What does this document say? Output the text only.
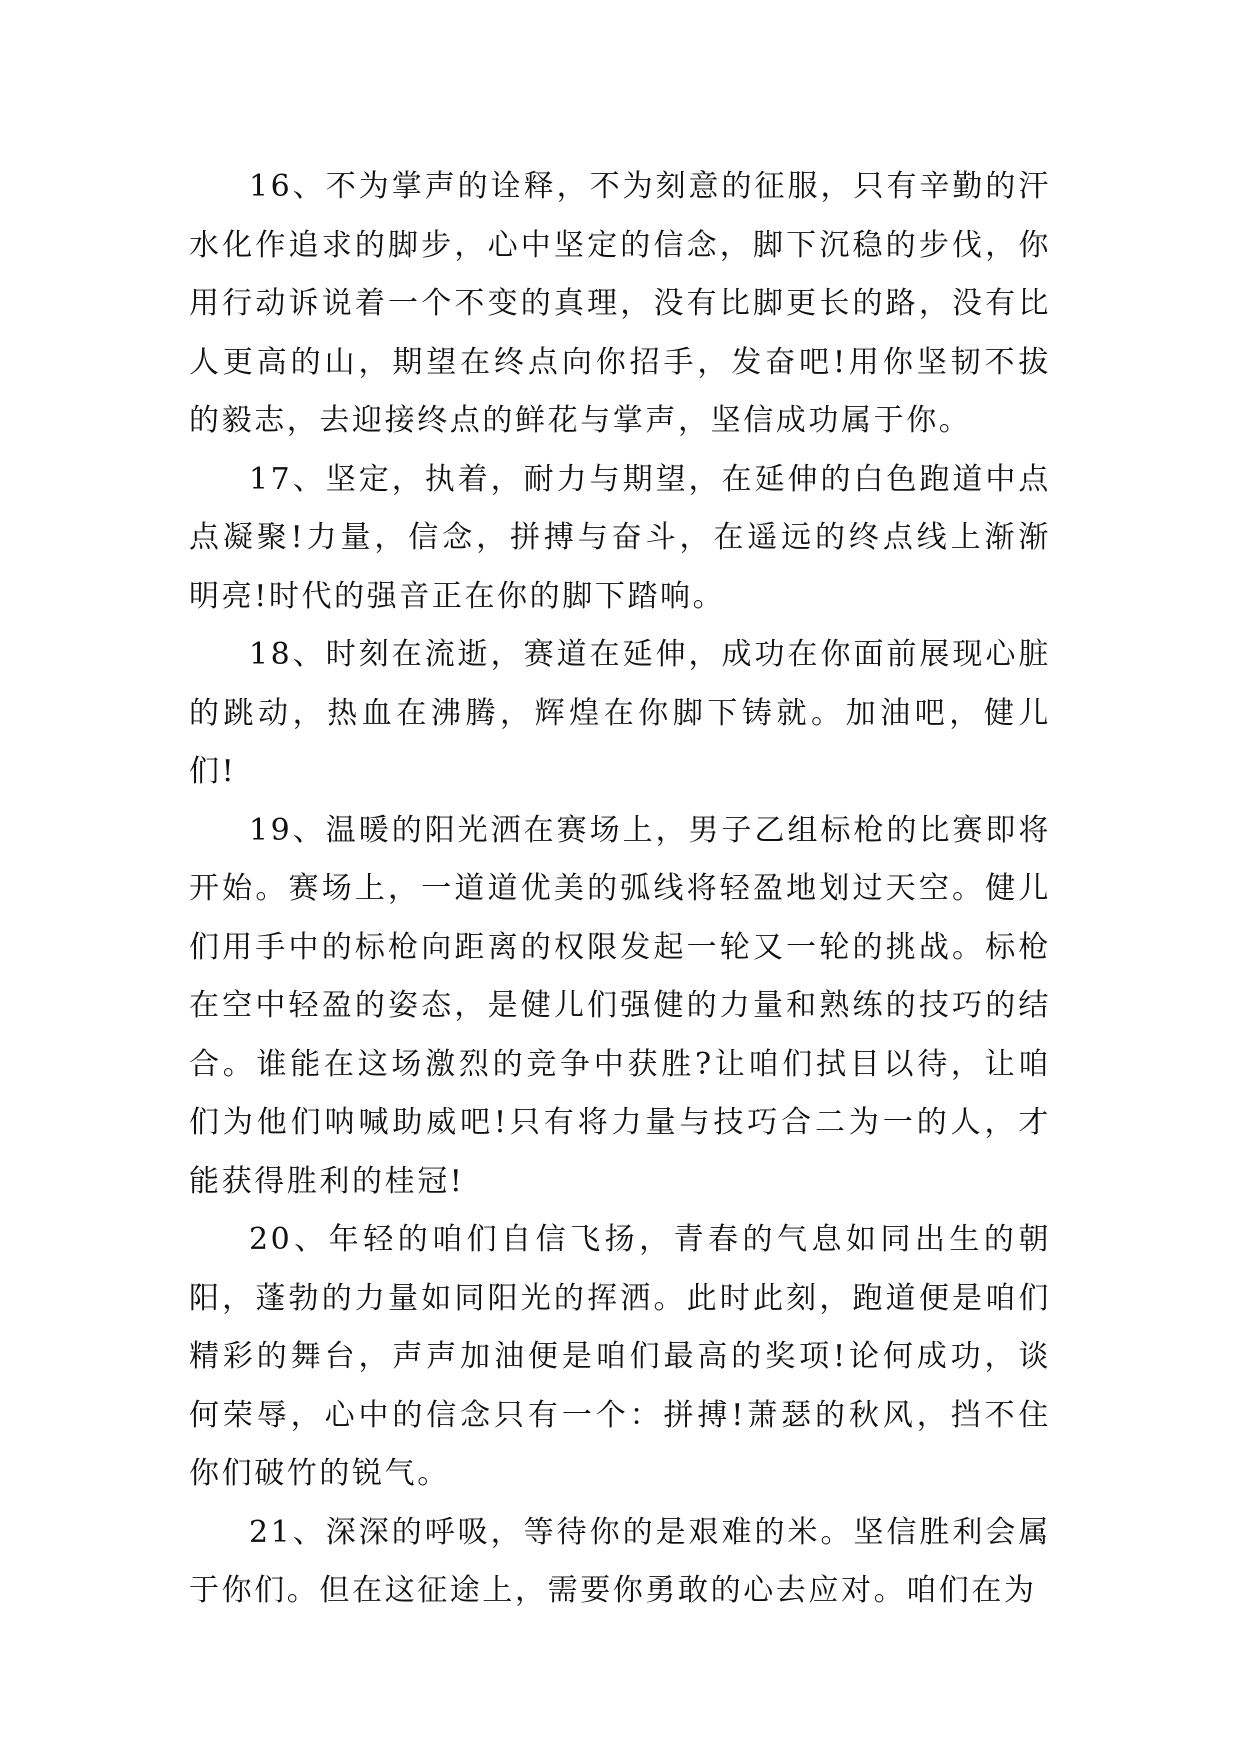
16、不为掌声的诠释，不为刻意的征服，只有辛勤的汗水化作追求的脚步，心中坚定的信念，脚下沉稳的步伐，你用行动诉说着一个不变的真理，没有比脚更长的路，没有比人更高的山，期望在终点向你招手，发奋吧!用你坚韧不拔的毅志，去迎接终点的鲜花与掌声，坚信成功属于你。

17、坚定，执着，耐力与期望，在延伸的白色跑道中点点凝聚!力量，信念，拼搏与奋斗，在遥远的终点线上渐渐明亮!时代的强音正在你的脚下踏响。

18、时刻在流逝，赛道在延伸，成功在你面前展现心脏的跳动，热血在沸腾，辉煌在你脚下铸就。加油吧，健儿们!

19、温暖的阳光洒在赛场上，男子乙组标枪的比赛即将开始。赛场上，一道道优美的弧线将轻盈地划过天空。健儿们用手中的标枪向距离的权限发起一轮又一轮的挑战。标枪在空中轻盈的姿态，是健儿们强健的力量和熟练的技巧的结合。谁能在这场激烈的竞争中获胜?让咱们拭目以待，让咱们为他们呐喊助威吧!只有将力量与技巧合二为一的人，才能获得胜利的桂冠!

20、年轻的咱们自信飞扬，青春的气息如同出生的朝阳，蓬勃的力量如同阳光的挥洒。此时此刻，跑道便是咱们精彩的舞台，声声加油便是咱们最高的奖项!论何成功，谈何荣辱，心中的信念只有一个：拼搏!萧瑟的秋风，挡不住你们破竹的锐气。

21、深深的呼吸，等待你的是艰难的米。坚信胜利会属于你们。但在这征途上，需要你勇敢的心去应对。咱们在为
